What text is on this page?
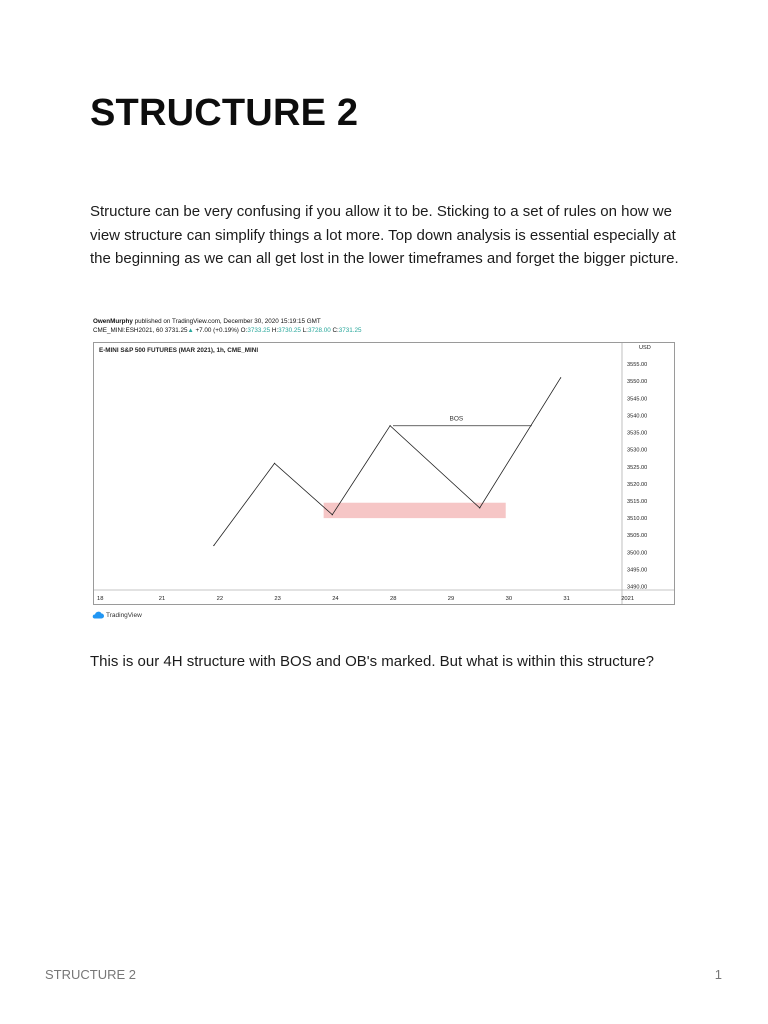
STRUCTURE 2

Structure can be very confusing if you allow it to be. Sticking to a set of rules on how we view structure can simplify things a lot more. Top down analysis is essential especially at the beginning as we can all get lost in the lower timeframes and forget the bigger picture.

OwenMurphy published on TradingView.com, December 30, 2020 15:19:15 GMT
CME_MINI:ESH2021, 60 3731.25▲ +7.00 (+0.19%) O:3733.25 H:3730.25 L:3728.00 C:3731.25
E-MINI S&P 500 FUTURES (MAR 2021), 1h, CME_MINI
BOS
3555.00
3550.00
3545.00
3540.00
3535.00
3530.00
3525.00
3520.00
3515.00
3510.00
3505.00
3500.00
3495.00
3490.00
USD
18	21	22	23	24	28	29	30	31	2021
TradingView

This is our 4H structure with BOS and OB's marked. But what is within this structure?

STRUCTURE 2	1
